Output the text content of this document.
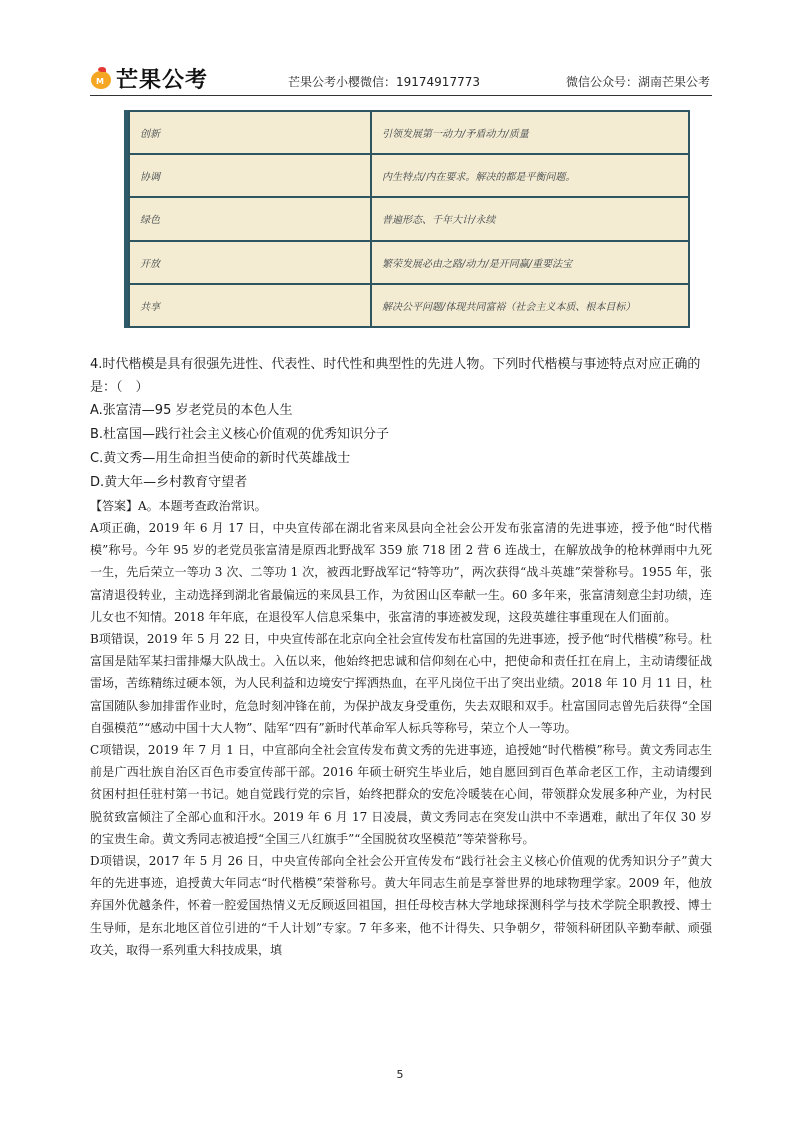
M 芒果公考	芒果公考小樱微信：19174917773	微信公众号：湖南芒果公考
创新	引领发展第一动力/矛盾动力/质量
协调	内生特点/内在要求。解决的都是平衡问题。
绿色	普遍形态、千年大计/永续
开放	繁荣发展必由之路/动力/是开同赢/重要法宝
共享	解决公平问题/体现共同富裕（社会主义本质、根本目标）

4.时代楷模是具有很强先进性、代表性、时代性和典型性的先进人物。下列时代楷模与事迹特点对应正确的是：（　）

A.张富清—95 岁老党员的本色人生

B.杜富国—践行社会主义核心价值观的优秀知识分子

C.黄文秀—用生命担当使命的新时代英雄战士

D.黄大年—乡村教育守望者

【答案】A。本题考查政治常识。

A项正确，2019 年 6 月 17 日，中央宣传部在湖北省来凤县向全社会公开发布张富清的先进事迹，授予他“时代楷模”称号。今年 95 岁的老党员张富清是原西北野战军 359 旅 718 团 2 营 6 连战士，在解放战争的枪林弹雨中九死一生，先后荣立一等功 3 次、二等功 1 次，被西北野战军记“特等功”，两次获得“战斗英雄”荣誉称号。1955 年，张富清退役转业，主动选择到湖北省最偏远的来凤县工作，为贫困山区奉献一生。60 多年来，张富清刻意尘封功绩，连儿女也不知情。2018 年年底，在退役军人信息采集中，张富清的事迹被发现，这段英雄往事重现在人们面前。

B项错误，2019 年 5 月 22 日，中央宣传部在北京向全社会宣传发布杜富国的先进事迹，授予他“时代楷模”称号。杜富国是陆军某扫雷排爆大队战士。入伍以来，他始终把忠诚和信仰刻在心中，把使命和责任扛在肩上，主动请缨征战雷场，苦练精练过硬本领，为人民利益和边境安宁挥洒热血，在平凡岗位干出了突出业绩。2018 年 10 月 11 日，杜富国随队参加排雷作业时，危急时刻冲锋在前，为保护战友身受重伤，失去双眼和双手。杜富国同志曾先后获得“全国自强模范”“感动中国十大人物”、陆军“四有”新时代革命军人标兵等称号，荣立个人一等功。

C项错误，2019 年 7 月 1 日，中宣部向全社会宣传发布黄文秀的先进事迹，追授她“时代楷模”称号。黄文秀同志生前是广西壮族自治区百色市委宣传部干部。2016 年硕士研究生毕业后，她自愿回到百色革命老区工作，主动请缨到贫困村担任驻村第一书记。她自觉践行党的宗旨，始终把群众的安危冷暖装在心间，带领群众发展多种产业，为村民脱贫致富倾注了全部心血和汗水。2019 年 6 月 17 日凌晨，黄文秀同志在突发山洪中不幸遇难，献出了年仅 30 岁的宝贵生命。黄文秀同志被追授“全国三八红旗手”“全国脱贫攻坚模范”等荣誉称号。

D项错误，2017 年 5 月 26 日，中央宣传部向全社会公开宣传发布“践行社会主义核心价值观的优秀知识分子”黄大年的先进事迹，追授黄大年同志“时代楷模”荣誉称号。黄大年同志生前是享誉世界的地球物理学家。2009 年，他放弃国外优越条件，怀着一腔爱国热情义无反顾返回祖国，担任母校吉林大学地球探测科学与技术学院全职教授、博士生导师，是东北地区首位引进的“千人计划”专家。7 年多来，他不计得失、只争朝夕，带领科研团队辛勤奉献、顽强攻关，取得一系列重大科技成果，填

5
